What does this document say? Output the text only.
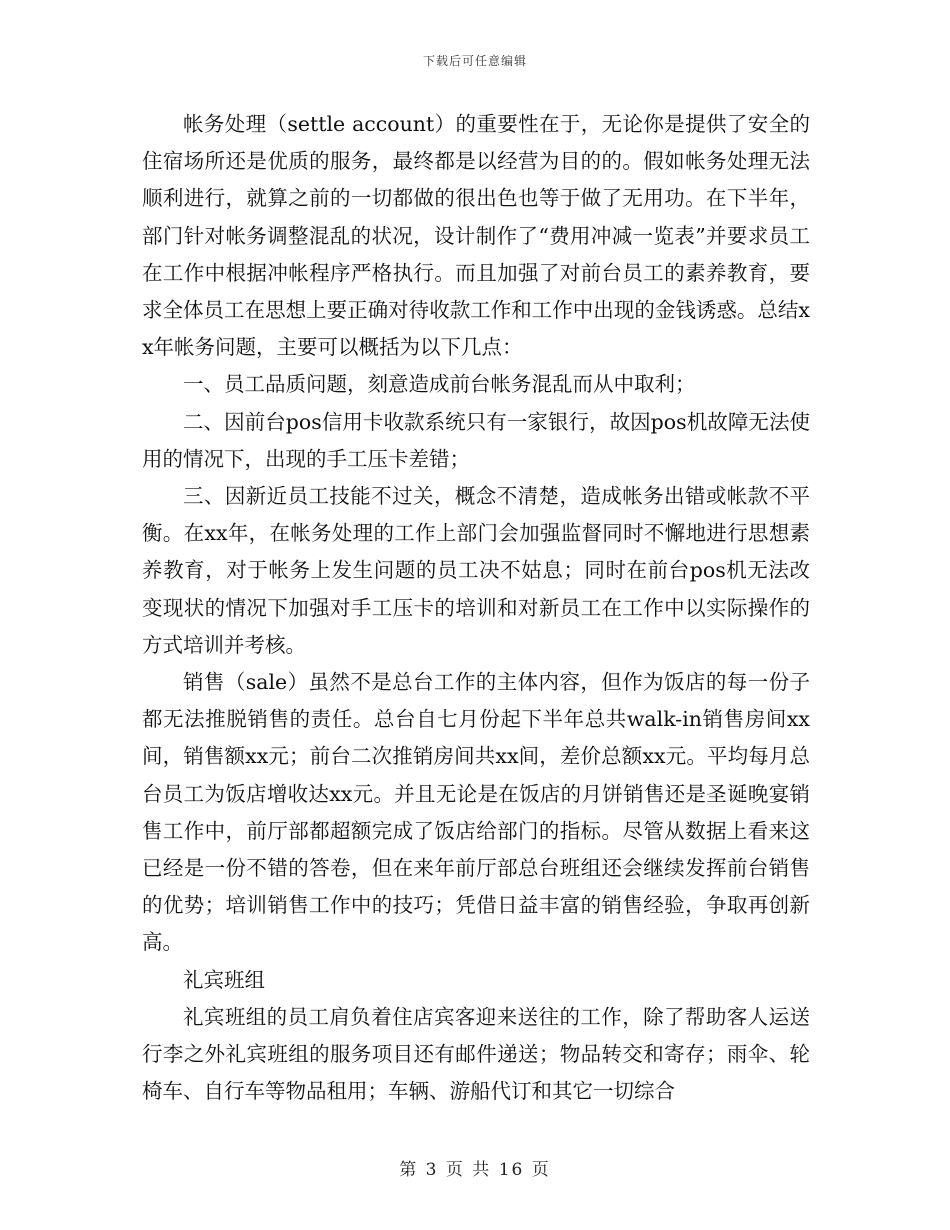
下载后可任意编辑

帐务处理（settle account）的重要性在于，无论你是提供了安全的住宿场所还是优质的服务，最终都是以经营为目的的。假如帐务处理无法顺利进行，就算之前的一切都做的很出色也等于做了无用功。在下半年，部门针对帐务调整混乱的状况，设计制作了“费用冲减一览表”并要求员工在工作中根据冲帐程序严格执行。而且加强了对前台员工的素养教育，要求全体员工在思想上要正确对待收款工作和工作中出现的金钱诱惑。总结xx年帐务问题，主要可以概括为以下几点：

一、员工品质问题，刻意造成前台帐务混乱而从中取利；

二、因前台pos信用卡收款系统只有一家银行，故因pos机故障无法使用的情况下，出现的手工压卡差错；

三、因新近员工技能不过关，概念不清楚，造成帐务出错或帐款不平衡。在xx年，在帐务处理的工作上部门会加强监督同时不懈地进行思想素养教育，对于帐务上发生问题的员工决不姑息；同时在前台pos机无法改变现状的情况下加强对手工压卡的培训和对新员工在工作中以实际操作的方式培训并考核。

销售（sale）虽然不是总台工作的主体内容，但作为饭店的每一份子都无法推脱销售的责任。总台自七月份起下半年总共walk-in销售房间xx间，销售额xx元；前台二次推销房间共xx间，差价总额xx元。平均每月总台员工为饭店增收达xx元。并且无论是在饭店的月饼销售还是圣诞晚宴销售工作中，前厅部都超额完成了饭店给部门的指标。尽管从数据上看来这已经是一份不错的答卷，但在来年前厅部总台班组还会继续发挥前台销售的优势；培训销售工作中的技巧；凭借日益丰富的销售经验，争取再创新高。

礼宾班组

礼宾班组的员工肩负着住店宾客迎来送往的工作，除了帮助客人运送行李之外礼宾班组的服务项目还有邮件递送；物品转交和寄存；雨伞、轮椅车、自行车等物品租用；车辆、游船代订和其它一切综合

第 3 页 共 16 页
